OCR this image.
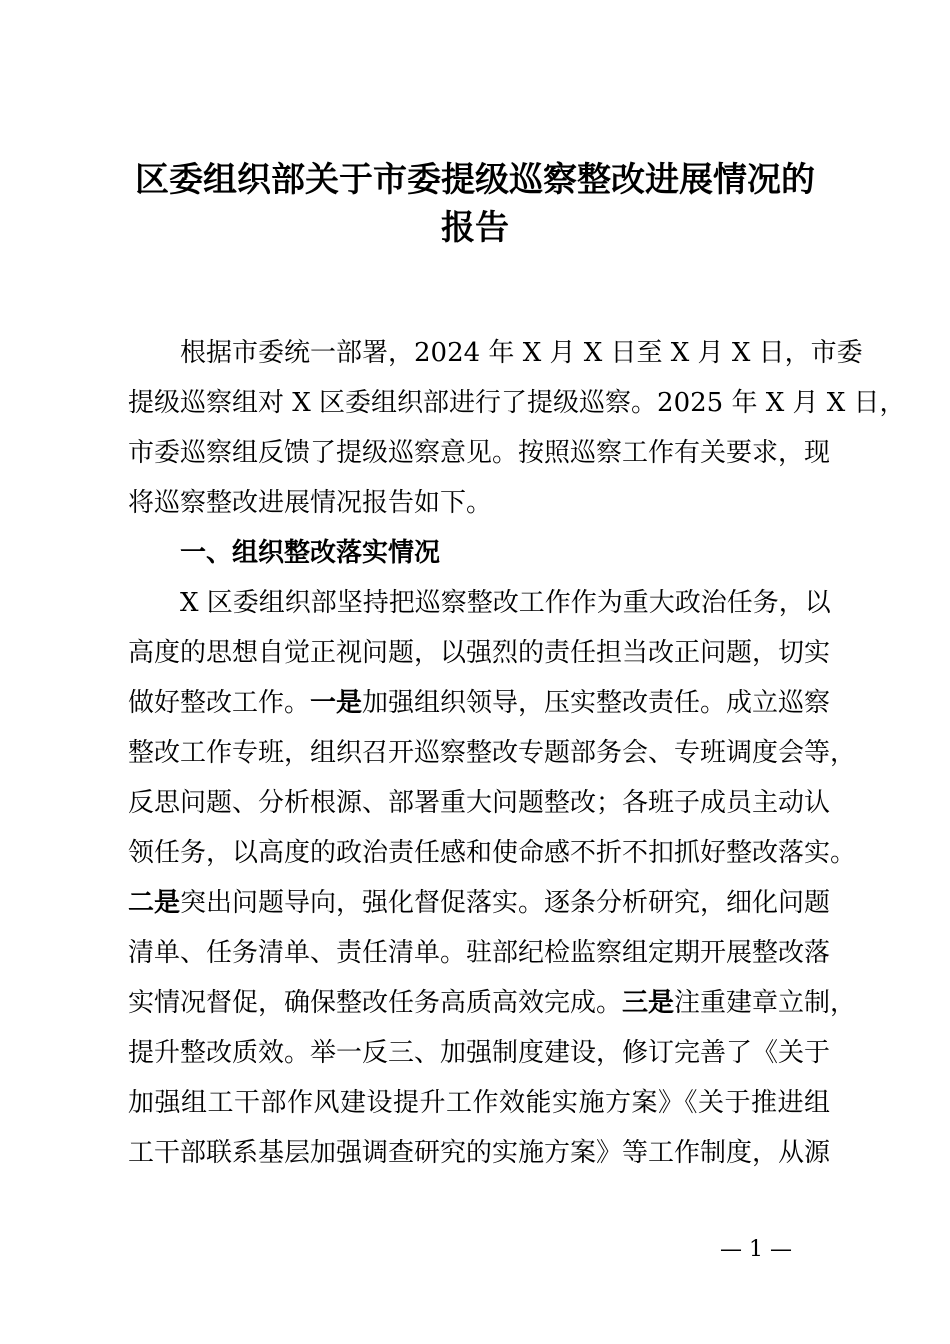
区委组织部关于市委提级巡察整改进展情况的
报告
根据市委统一部署，2024 年 X 月 X 日至 X 月 X 日，市委
提级巡察组对 X 区委组织部进行了提级巡察。2025 年 X 月 X 日，
市委巡察组反馈了提级巡察意见。按照巡察工作有关要求，现
将巡察整改进展情况报告如下。
一、组织整改落实情况
X 区委组织部坚持把巡察整改工作作为重大政治任务，以
高度的思想自觉正视问题，以强烈的责任担当改正问题，切实
做好整改工作。一是加强组织领导，压实整改责任。成立巡察
整改工作专班，组织召开巡察整改专题部务会、专班调度会等，
反思问题、分析根源、部署重大问题整改；各班子成员主动认
领任务，以高度的政治责任感和使命感不折不扣抓好整改落实。
二是突出问题导向，强化督促落实。逐条分析研究，细化问题
清单、任务清单、责任清单。驻部纪检监察组定期开展整改落
实情况督促，确保整改任务高质高效完成。三是注重建章立制，
提升整改质效。举一反三、加强制度建设，修订完善了《关于
加强组工干部作风建设提升工作效能实施方案》《关于推进组
工干部联系基层加强调查研究的实施方案》等工作制度，从源
— 1 —
